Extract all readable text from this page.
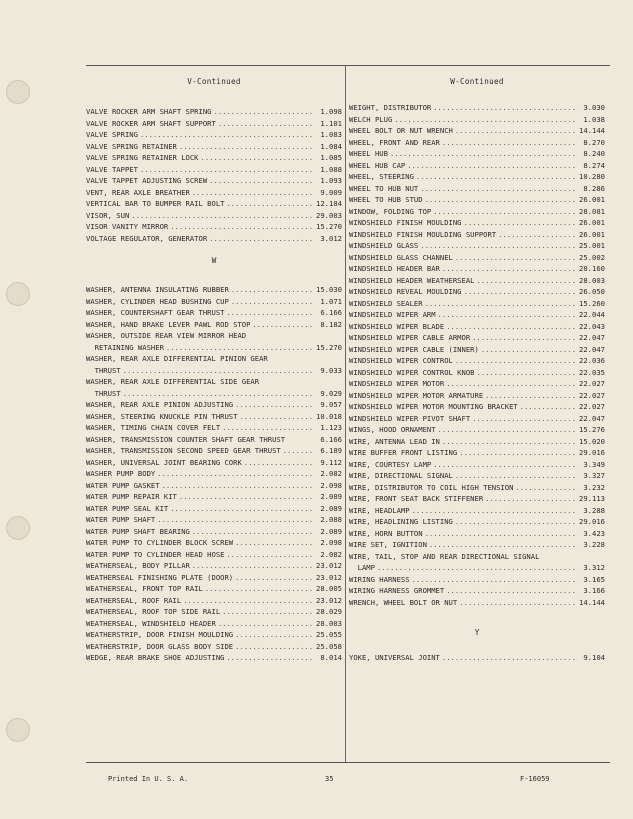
V-Continued
VALVE ROCKER ARM SHAFT SPRING .....	1.098
VALVE ROCKER ARM SHAFT SUPPORT .....	1.101
VALVE SPRING .....	1.083
VALVE SPRING RETAINER .....	1.084
VALVE SPRING RETAINER LOCK .....	1.085
VALVE TAPPET .....	1.088
VALVE TAPPET ADJUSTING SCREW .....	1.093
VENT, REAR AXLE BREATHER .....	9.009
VERTICAL BAR TO BUMPER RAIL BOLT .....	12.184
VISOR, SUN .....	29.003
VISOR VANITY MIRROR .....	15.270
VOLTAGE REGULATOR, GENERATOR .....	3.012
W
WASHER, ANTENNA INSULATING RUBBER .....	15.030
WASHER, CYLINDER HEAD BUSHING CUP .....	1.071
WASHER, COUNTERSHAFT GEAR THRUST .....	6.166
WASHER, HAND BRAKE LEVER PAWL ROD STOP .....	8.182
WASHER, OUTSIDE REAR VIEW MIRROR HEAD
RETAINING WASHER .....	15.270
WASHER, REAR AXLE DIFFERENTIAL PINION GEAR
THRUST .....	9.033
WASHER, REAR AXLE DIFFERENTIAL SIDE GEAR
THRUST .....	9.029
WASHER, REAR AXLE PINION ADJUSTING .....	9.057
WASHER, STEERING KNUCKLE PIN THRUST .....	10.018
WASHER, TIMING CHAIN COVER FELT .....	1.123
WASHER, TRANSMISSION COUNTER SHAFT GEAR THRUST	6.166
WASHER, TRANSMISSION SECOND SPEED GEAR THRUST .....	6.189
WASHER, UNIVERSAL JOINT BEARING CORK .....	9.112
WASHER PUMP BODY .....	2.082
WATER PUMP GASKET .....	2.098
WATER PUMP REPAIR KIT .....	2.089
WATER PUMP SEAL KIT .....	2.089
WATER PUMP SHAFT .....	2.088
WATER PUMP SHAFT BEARING .....	2.089
WATER PUMP TO CYLINDER BLOCK SCREW .....	2.098
WATER PUMP TO CYLINDER HEAD HOSE .....	2.082
WEATHERSEAL, BODY PILLAR .....	23.012
WEATHERSEAL FINISHING PLATE (DOOR) .....	23.012
WEATHERSEAL, FRONT TOP RAIL .....	28.005
WEATHERSEAL, ROOF RAIL .....	23.012
WEATHERSEAL, ROOF TOP SIDE RAIL .....	28.029
WEATHERSEAL, WINDSHIELD HEADER .....	28.003
WEATHERSTRIP, DOOR FINISH MOULDING .....	25.055
WEATHERSTRIP, DOOR GLASS BODY SIDE .....	25.058
WEDGE, REAR BRAKE SHOE ADJUSTING .....	8.014
W-Continued
WEIGHT, DISTRIBUTOR .....	3.030
WELCH PLUG .....	1.038
WHEEL BOLT OR NUT WRENCH .....	14.144
WHEEL, FRONT AND REAR .....	8.270
WHEEL HUB .....	8.240
WHEEL HUB CAP .....	8.274
WHEEL, STEERING .....	10.280
WHEEL TO HUB NUT .....	8.286
WHEEL TO HUB STUD .....	26.001
WINDOW, FOLDING TOP .....	28.081
WINDSHIELD FINISH MOULDING .....	26.001
WINDSHIELD FINISH MOULDING SUPPORT .....	26.001
WINDSHIELD GLASS .....	25.001
WINDSHIELD GLASS CHANNEL .....	25.002
WINDSHIELD HEADER BAR .....	20.160
WINDSHIELD HEADER WEATHERSEAL .....	28.003
WINDSHIELD REVEAL MOULDING .....	26.050
WINDSHIELD SEALER .....	15.260
WINDSHIELD WIPER ARM .....	22.044
WINDSHIELD WIPER BLADE .....	22.043
WINDSHIELD WIPER CABLE ARMOR .....	22.047
WINDSHIELD WIPER CABLE (INNER) .....	22.047
WINDSHIELD WIPER CONTROL .....	22.036
WINDSHIELD WIPER CONTROL KNOB .....	22.035
WINDSHIELD WIPER MOTOR .....	22.027
WINDSHIELD WIPER MOTOR ARMATURE .....	22.027
WINDSHIELD WIPER MOTOR MOUNTING BRACKET .....	22.027
WINDSHIELD WIPER PIVOT SHAFT .....	22.047
WINGS, HOOD ORNAMENT .....	15.276
WIRE, ANTENNA LEAD IN .....	15.020
WIRE BUFFER FRONT LISTING .....	29.016
WIRE, COURTESY LAMP .....	3.349
WIRE, DIRECTIONAL SIGNAL .....	3.327
WIRE, DISTRIBUTOR TO COIL HIGH TENSION .....	3.232
WIRE, FRONT SEAT BACK STIFFENER .....	29.113
WIRE, HEADLAMP .....	3.288
WIRE, HEADLINING LISTING .....	29.016
WIRE, HORN BUTTON .....	3.423
WIRE SET, IGNITION .....	3.228
WIRE, TAIL, STOP AND REAR DIRECTIONAL SIGNAL
LAMP .....	3.312
WIRING HARNESS .....	3.165
WIRING HARNESS GROMMET .....	3.166
WRENCH, WHEEL BOLT OR NUT .....	14.144
Y
YOKE, UNIVERSAL JOINT .....	9.104
Printed In U. S. A.	35	F-16059
